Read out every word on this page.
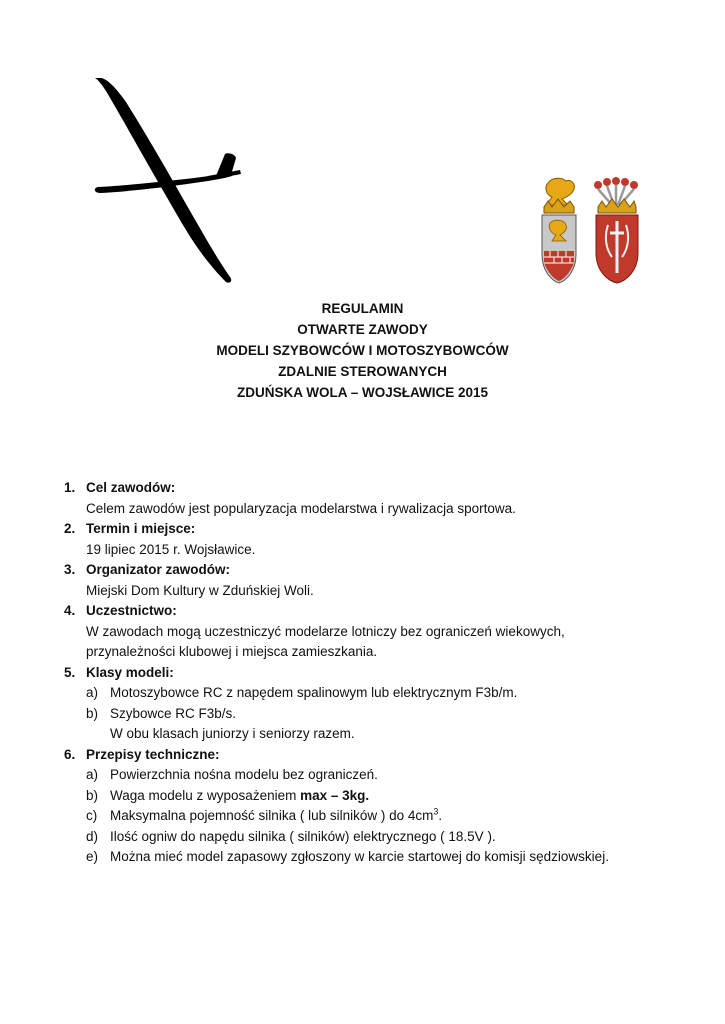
REGULAMIN
OTWARTE ZAWODY
MODELI SZYBOWCÓW I MOTOSZYBOWCÓW
ZDALNIE STEROWANYCH
ZDUŃSKA WOLA – WOJSŁAWICE 2015
1. Cel zawodów:
Celem zawodów jest popularyzacja modelarstwa i rywalizacja sportowa.
2. Termin i miejsce:
19 lipiec 2015 r. Wojsławice.
3. Organizator zawodów:
Miejski Dom Kultury w Zduńskiej Woli.
4. Uczestnictwo:
W zawodach mogą uczestniczyć modelarze lotniczy bez ograniczeń wiekowych,
przynależności klubowej i miejsca zamieszkania.
5. Klasy modeli:
a) Motoszybowce RC z napędem spalinowym lub elektrycznym F3b/m.
b) Szybowce RC F3b/s.
W obu klasach juniorzy i seniorzy razem.
6. Przepisy techniczne:
a) Powierzchnia nośna modelu bez ograniczeń.
b) Waga modelu z wyposażeniem max – 3kg.
c) Maksymalna pojemność silnika ( lub silników ) do $4cm^3$.
d) Ilość ogniw do napędu silnika ( silników) elektrycznego ( 18.5V ).
e) Można mieć model zapasowy zgłoszony w karcie startowej do komisji sędziowskiej.
